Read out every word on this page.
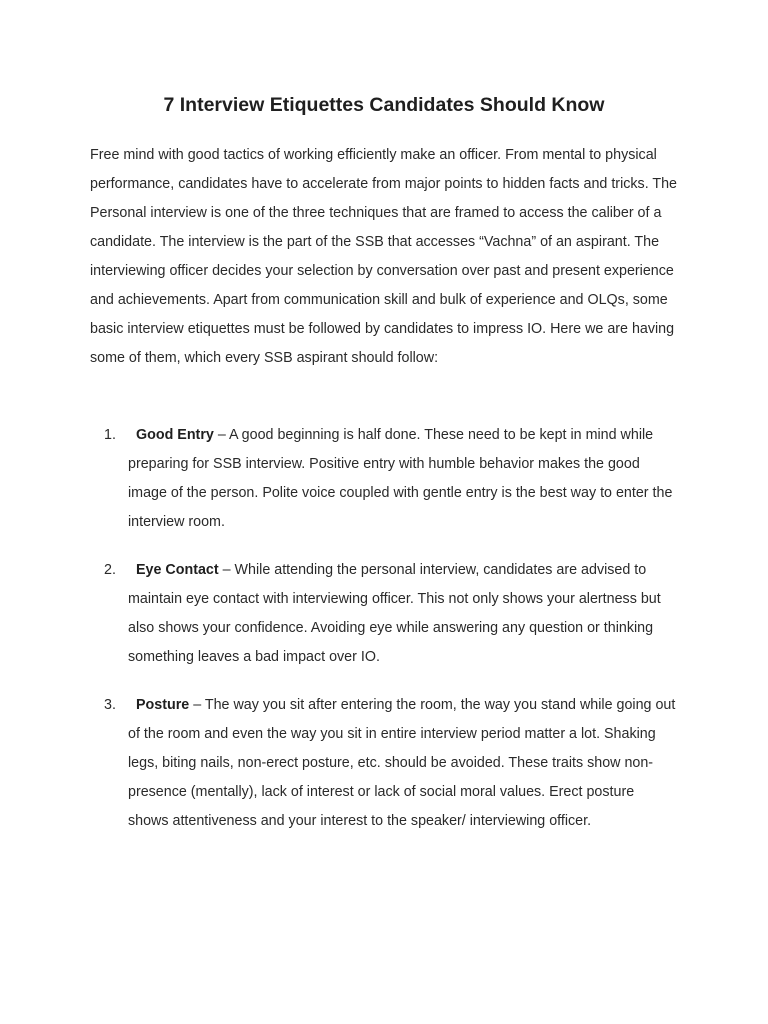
7 Interview Etiquettes Candidates Should Know

Free mind with good tactics of working efficiently make an officer. From mental to physical performance, candidates have to accelerate from major points to hidden facts and tricks. The Personal interview is one of the three techniques that are framed to access the caliber of a candidate. The interview is the part of the SSB that accesses “Vachna” of an aspirant. The interviewing officer decides your selection by conversation over past and present experience and achievements. Apart from communication skill and bulk of experience and OLQs, some basic interview etiquettes must be followed by candidates to impress IO. Here we are having some of them, which every SSB aspirant should follow:

1.	Good Entry – A good beginning is half done. These need to be kept in mind while preparing for SSB interview. Positive entry with humble behavior makes the good image of the person. Polite voice coupled with gentle entry is the best way to enter the interview room.
2.	Eye Contact – While attending the personal interview, candidates are advised to maintain eye contact with interviewing officer. This not only shows your alertness but also shows your confidence. Avoiding eye while answering any question or thinking something leaves a bad impact over IO.
3.	Posture – The way you sit after entering the room, the way you stand while going out of the room and even the way you sit in entire interview period matter a lot. Shaking legs, biting nails, non-erect posture, etc. should be avoided. These traits show non-presence (mentally), lack of interest or lack of social moral values. Erect posture shows attentiveness and your interest to the speaker/ interviewing officer.
